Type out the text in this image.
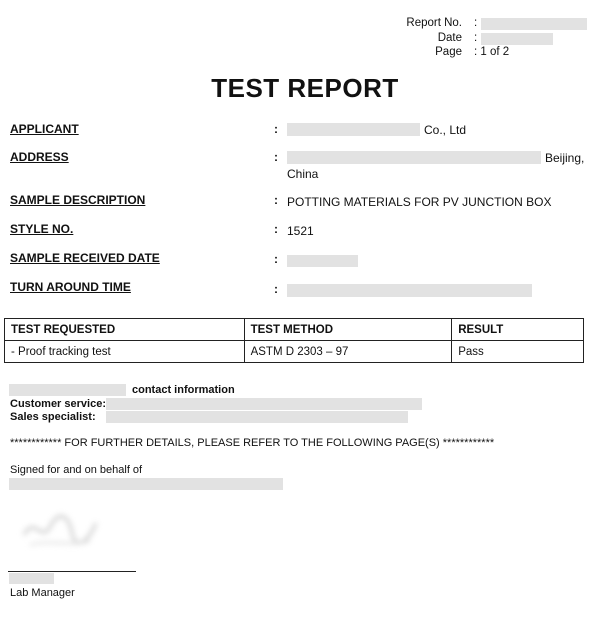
Report No. :
Date :
Page : 1 of 2
TEST REPORT
APPLICANT	:	Co., Ltd
ADDRESS	:	Beijing,
China
SAMPLE DESCRIPTION	: POTTING MATERIALS FOR PV JUNCTION BOX
STYLE NO.	: 1521
SAMPLE RECEIVED DATE	:
TURN AROUND TIME	:
TEST REQUESTED	TEST METHOD	RESULT
- Proof tracking test	ASTM D 2303 – 97	Pass
contact information
Customer service:
Sales specialist:
************ FOR FURTHER DETAILS, PLEASE REFER TO THE FOLLOWING PAGE(S) ************
Signed for and on behalf of
Lab Manager
